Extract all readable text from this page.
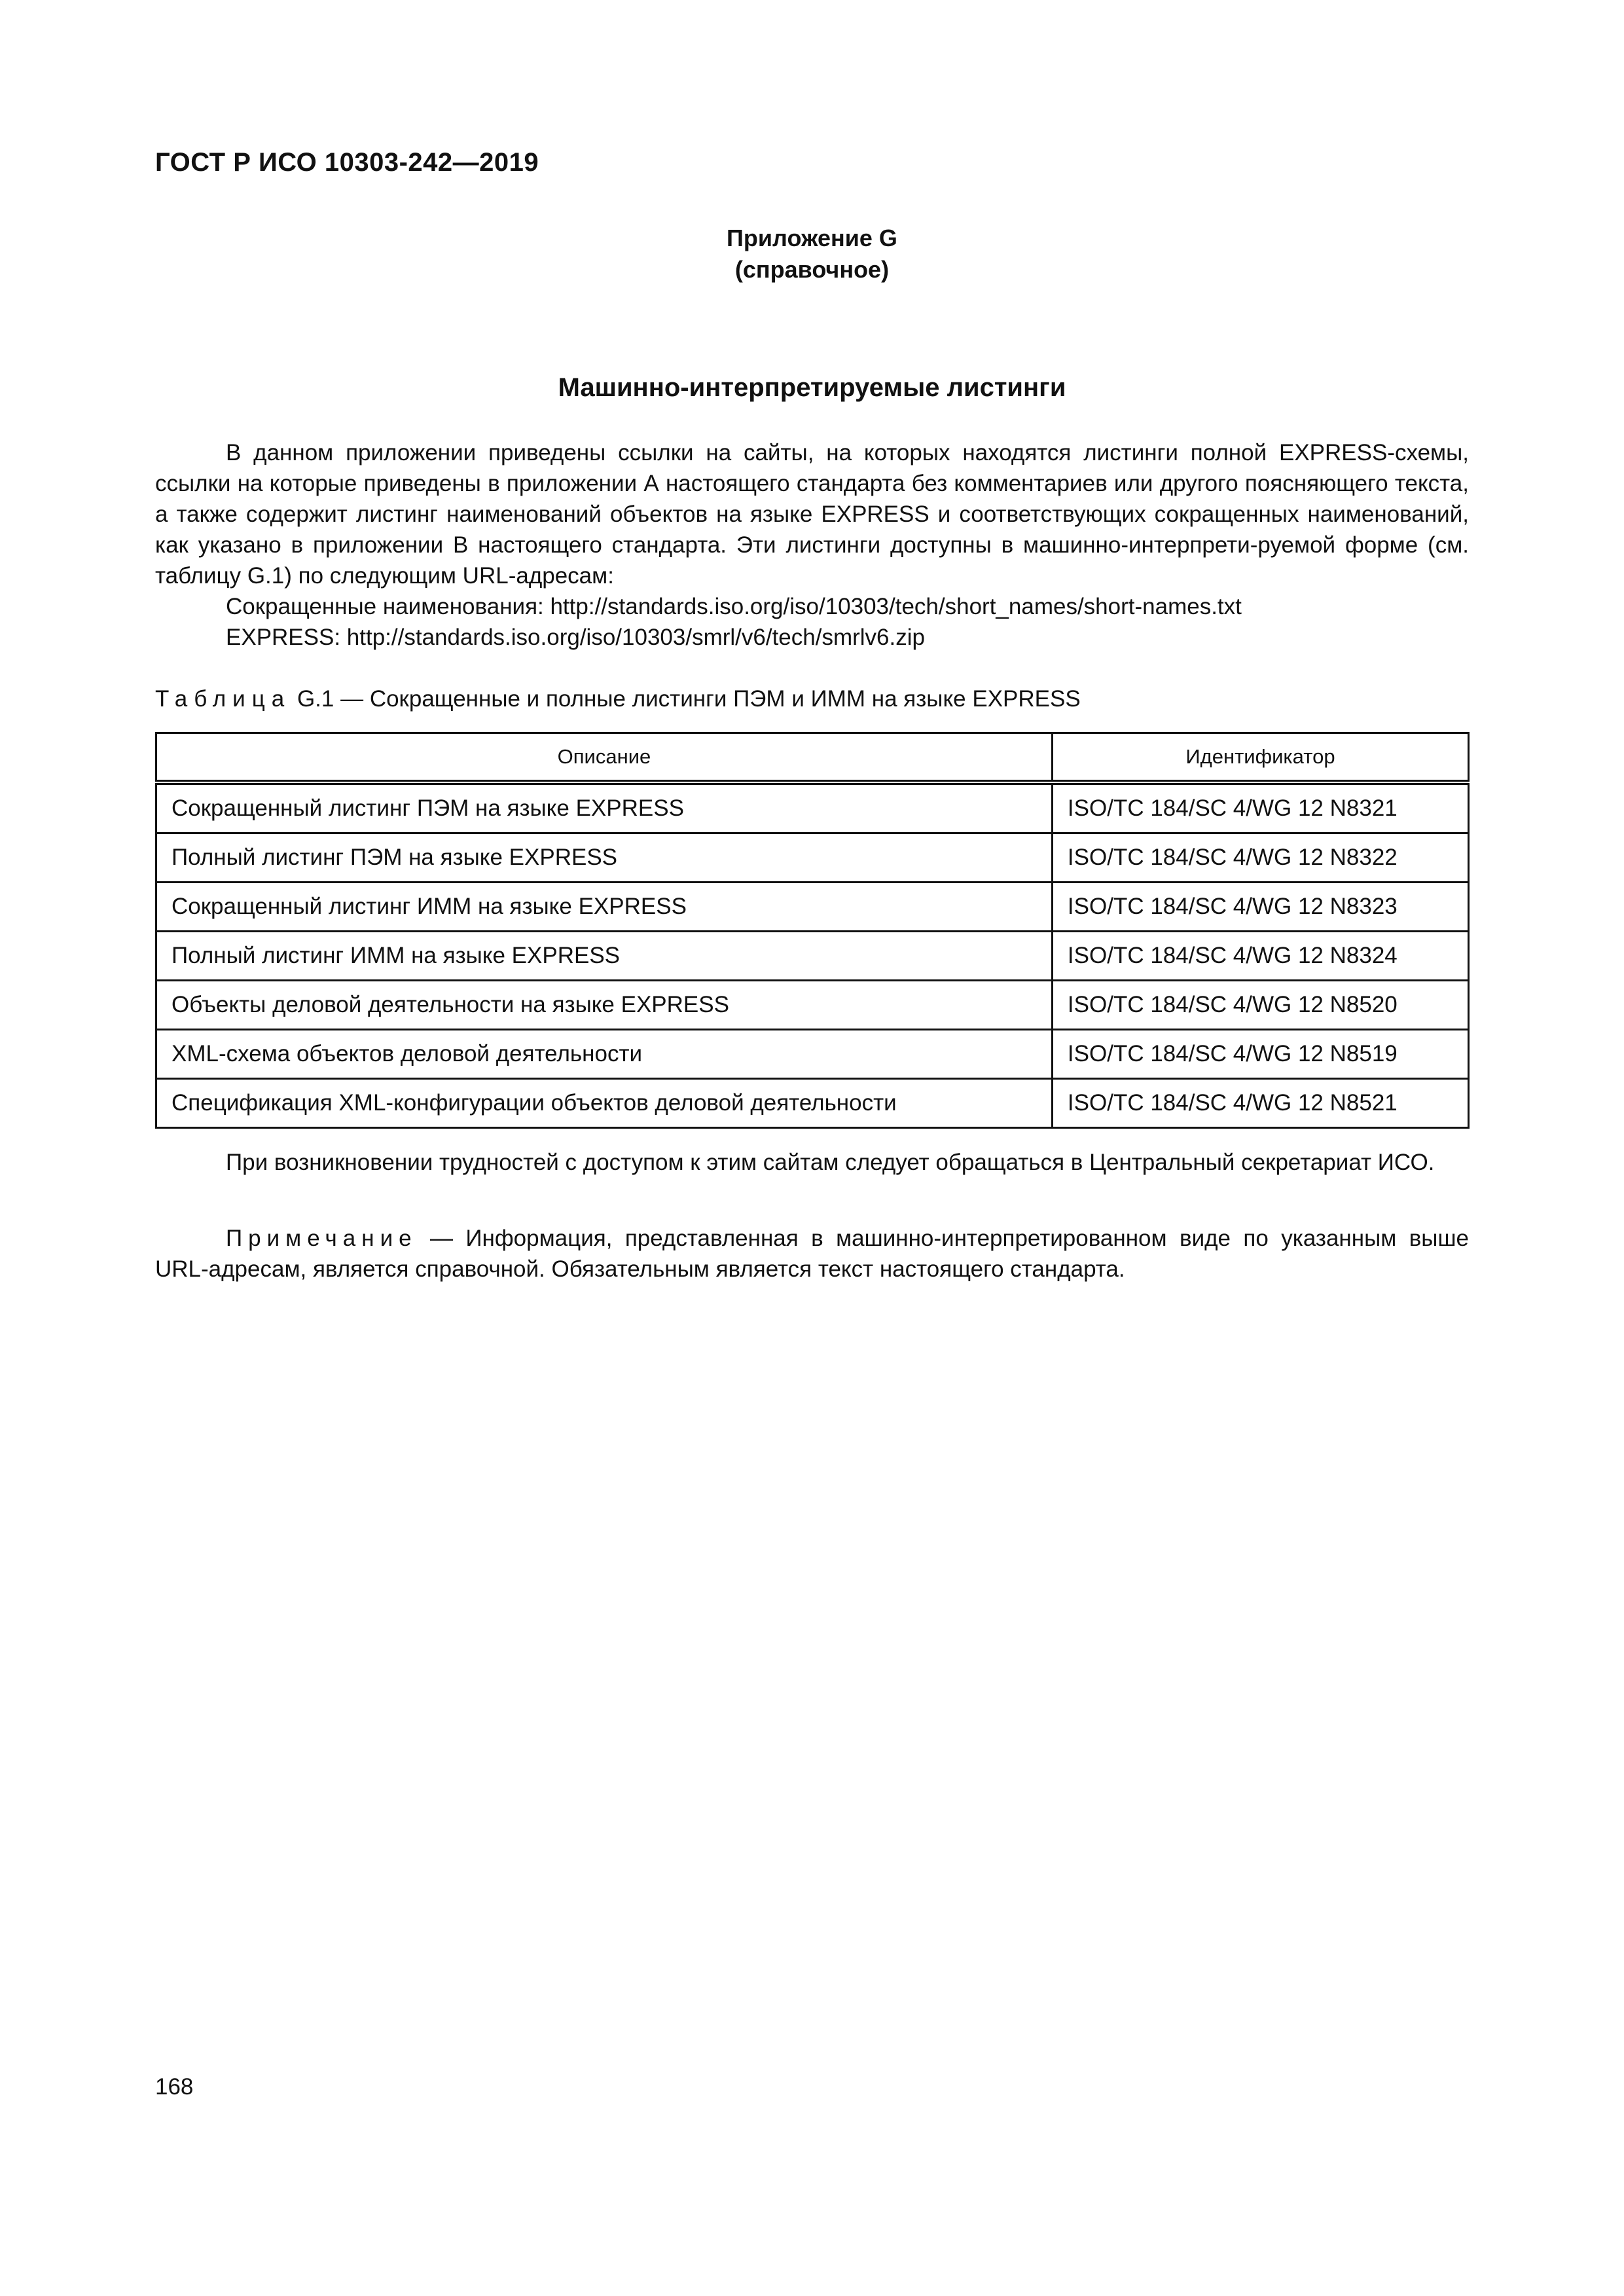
ГОСТ Р ИСО 10303-242—2019
Приложение G
(справочное)
Машинно-интерпретируемые листинги
В данном приложении приведены ссылки на сайты, на которых находятся листинги полной EXPRESS-схемы, ссылки на которые приведены в приложении А настоящего стандарта без комментариев или другого поясняющего текста, а также содержит листинг наименований объектов на языке EXPRESS и соответствующих сокращенных наименований, как указано в приложении В настоящего стандарта. Эти листинги доступны в машинно-интерпрети-руемой форме (см. таблицу G.1) по следующим URL-адресам:
Сокращенные наименования: http://standards.iso.org/iso/10303/tech/short_names/short-names.txt
EXPRESS: http://standards.iso.org/iso/10303/smrl/v6/tech/smrlv6.zip
Таблица G.1 — Сокращенные и полные листинги ПЭМ и ИММ на языке EXPRESS
Описание	Идентификатор
Сокращенный листинг ПЭМ на языке EXPRESS	ISO/TC 184/SC 4/WG 12 N8321
Полный листинг ПЭМ на языке EXPRESS	ISO/TC 184/SC 4/WG 12 N8322
Сокращенный листинг ИММ на языке EXPRESS	ISO/TC 184/SC 4/WG 12 N8323
Полный листинг ИММ на языке EXPRESS	ISO/TC 184/SC 4/WG 12 N8324
Объекты деловой деятельности на языке EXPRESS	ISO/TC 184/SC 4/WG 12 N8520
XML-схема объектов деловой деятельности	ISO/TC 184/SC 4/WG 12 N8519
Спецификация XML-конфигурации объектов деловой деятельности	ISO/TC 184/SC 4/WG 12 N8521
При возникновении трудностей с доступом к этим сайтам следует обращаться в Центральный секретариат ИСО.
Примечание — Информация, представленная в машинно-интерпретированном виде по указанным выше URL-адресам, является справочной. Обязательным является текст настоящего стандарта.
168
